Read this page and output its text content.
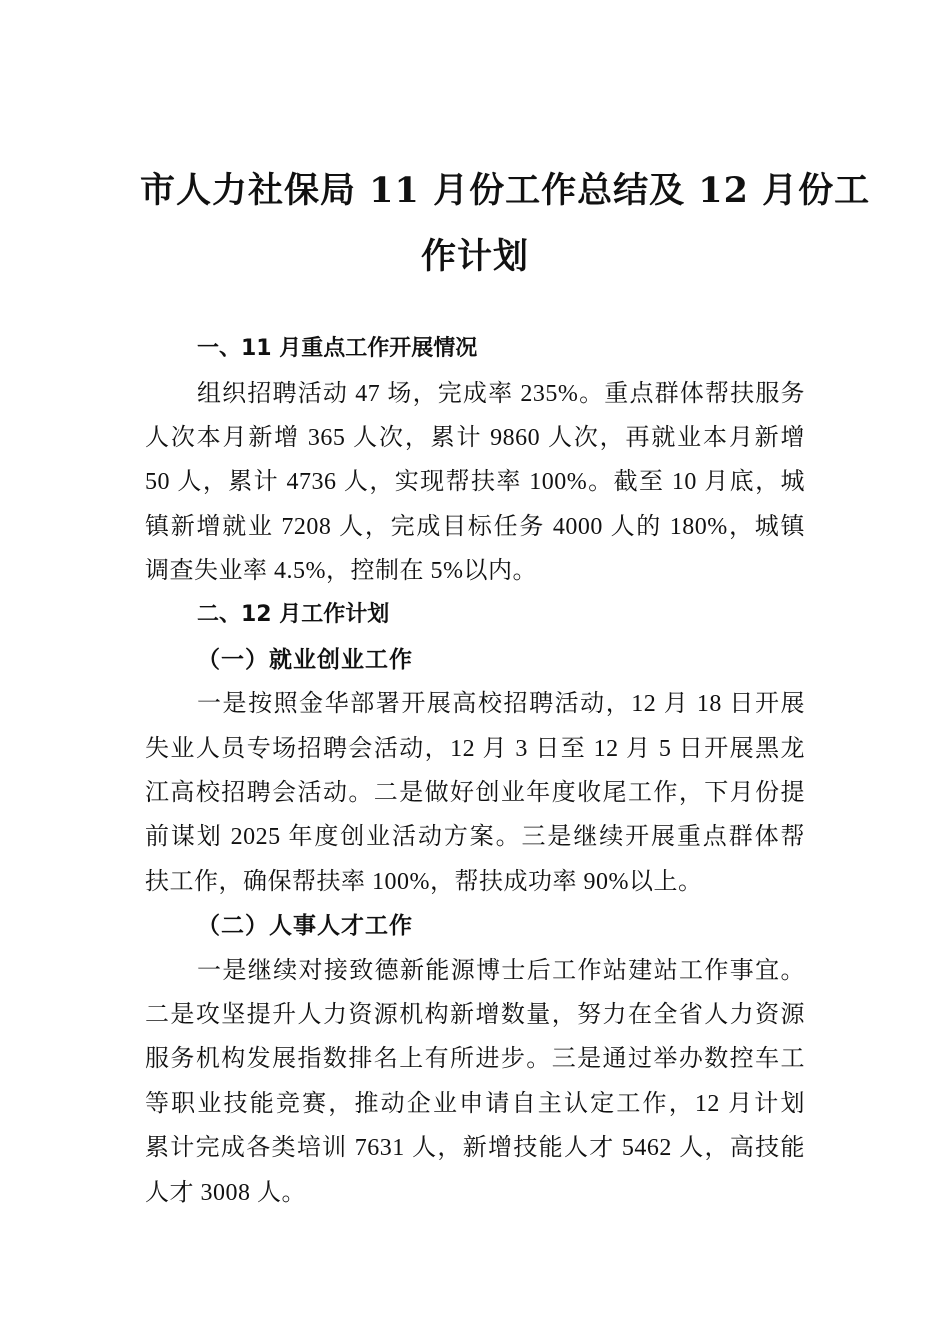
市人力社保局 11 月份工作总结及 12 月份工
作计划
一、11 月重点工作开展情况

组织招聘活动 47 场，完成率 235%。重点群体帮扶服务

人次本月新增 365 人次，累计 9860 人次，再就业本月新增

50 人，累计 4736 人，实现帮扶率 100%。截至 10 月底，城

镇新增就业 7208 人，完成目标任务 4000 人的 180%，城镇

调查失业率 4.5%，控制在 5%以内。

二、12 月工作计划
（一）就业创业工作

一是按照金华部署开展高校招聘活动，12 月 18 日开展

失业人员专场招聘会活动，12 月 3 日至 12 月 5 日开展黑龙

江高校招聘会活动。二是做好创业年度收尾工作，下月份提

前谋划 2025 年度创业活动方案。三是继续开展重点群体帮

扶工作，确保帮扶率 100%，帮扶成功率 90%以上。

（二）人事人才工作

一是继续对接致德新能源博士后工作站建站工作事宜。

二是攻坚提升人力资源机构新增数量，努力在全省人力资源

服务机构发展指数排名上有所进步。三是通过举办数控车工

等职业技能竞赛，推动企业申请自主认定工作，12 月计划

累计完成各类培训 7631 人，新增技能人才 5462 人，高技能

人才 3008 人。
